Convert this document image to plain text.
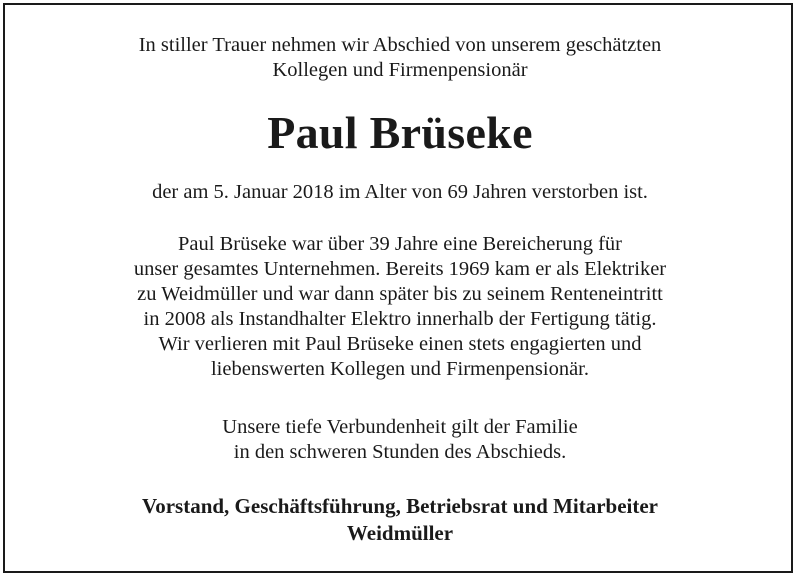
In stiller Trauer nehmen wir Abschied von unserem geschätzten
Kollegen und Firmenpensionär
Paul Brüseke
der am 5. Januar 2018 im Alter von 69 Jahren verstorben ist.
Paul Brüseke war über 39 Jahre eine Bereicherung für
unser gesamtes Unternehmen. Bereits 1969 kam er als Elektriker
zu Weidmüller und war dann später bis zu seinem Renteneintritt
in 2008 als Instandhalter Elektro innerhalb der Fertigung tätig.
Wir verlieren mit Paul Brüseke einen stets engagierten und
liebenswerten Kollegen und Firmenpensionär.
Unsere tiefe Verbundenheit gilt der Familie
in den schweren Stunden des Abschieds.
Vorstand, Geschäftsführung, Betriebsrat und Mitarbeiter
Weidmüller
